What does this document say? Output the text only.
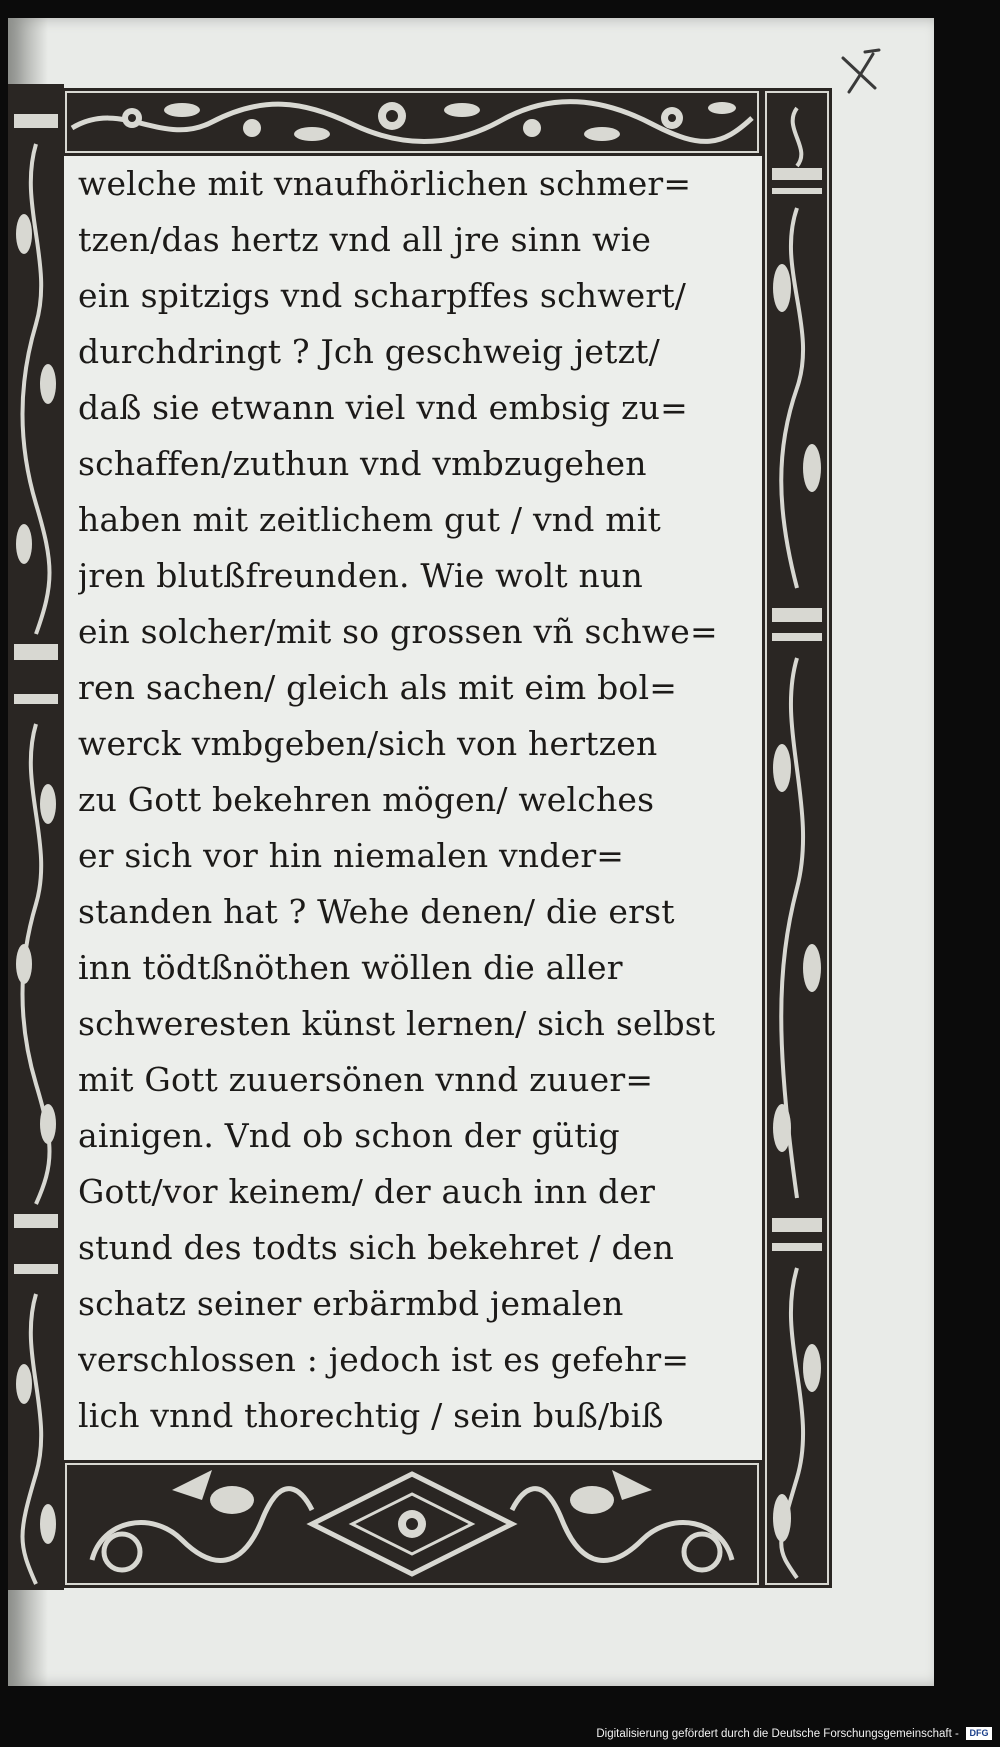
welche mit vnaufhörlichen schmer=
tzen/das hertz vnd all jre sinn wie
ein spitzigs vnd scharpffes schwert/
durchdringt ? Jch geschweig jetzt/
daß sie etwann viel vnd embsig zu=
schaffen/zuthun vnd vmbzugehen
haben mit zeitlichem gut / vnd mit
jren blutßfreunden. Wie wolt nun
ein solcher/mit so grossen vñ schwe=
ren sachen/ gleich als mit eim bol=
werck vmbgeben/sich von hertzen
zu Gott bekehren mögen/ welches
er sich vor hin niemalen vnder=
standen hat ? Wehe denen/ die erst
inn tödtßnöthen wöllen die aller
schweresten künst lernen/ sich selbst
mit Gott zuuersönen vnnd zuuer=
ainigen. Vnd ob schon der gütig
Gott/vor keinem/ der auch inn der
stund des todts sich bekehret / den
schatz seiner erbärmbd jemalen
verschlossen : jedoch ist es gefehr=
lich vnnd thorechtig / sein buß/biß
Digitalisierung gefördert durch die Deutsche Forschungsgemeinschaft - DFG
